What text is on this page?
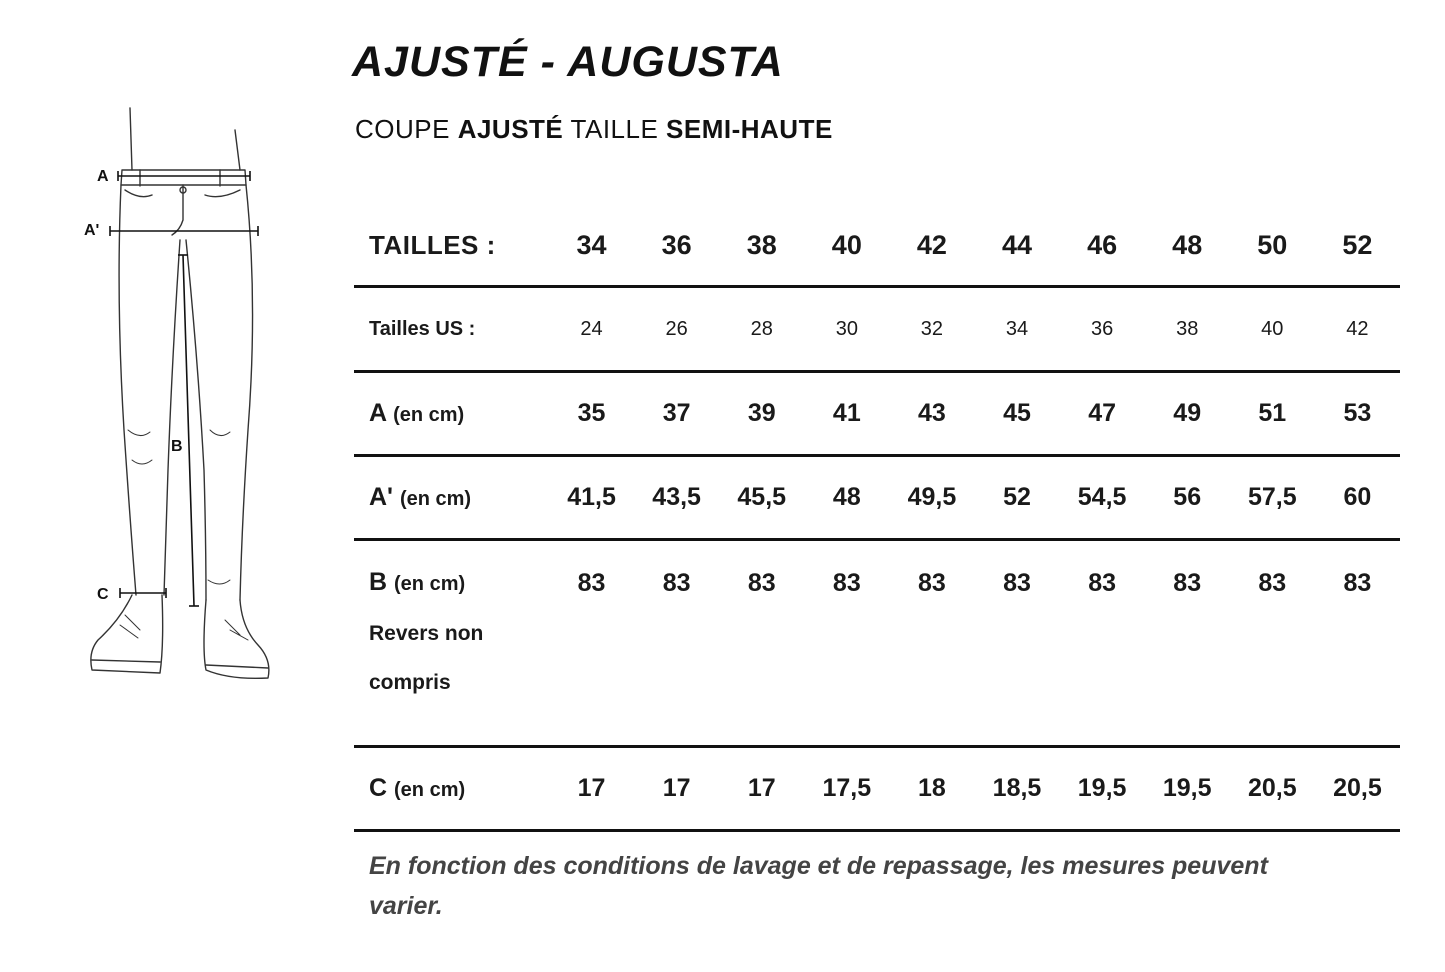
AJUSTÉ - AUGUSTA
COUPE AJUSTÉ TAILLE SEMI-HAUTE
A
A'
B
C
TAILLES :	34	36	38	40	42	44	46	48	50	52
Tailles US :	24	26	28	30	32	34	36	38	40	42
A (en cm)	35	37	39	41	43	45	47	49	51	53
A' (en cm)	41,5	43,5	45,5	48	49,5	52	54,5	56	57,5	60
B (en cm)
Revers non
compris	83	83	83	83	83	83	83	83	83	83
C (en cm)	17	17	17	17,5	18	18,5	19,5	19,5	20,5	20,5
En fonction des conditions de lavage et de repassage, les mesures peuvent varier.
